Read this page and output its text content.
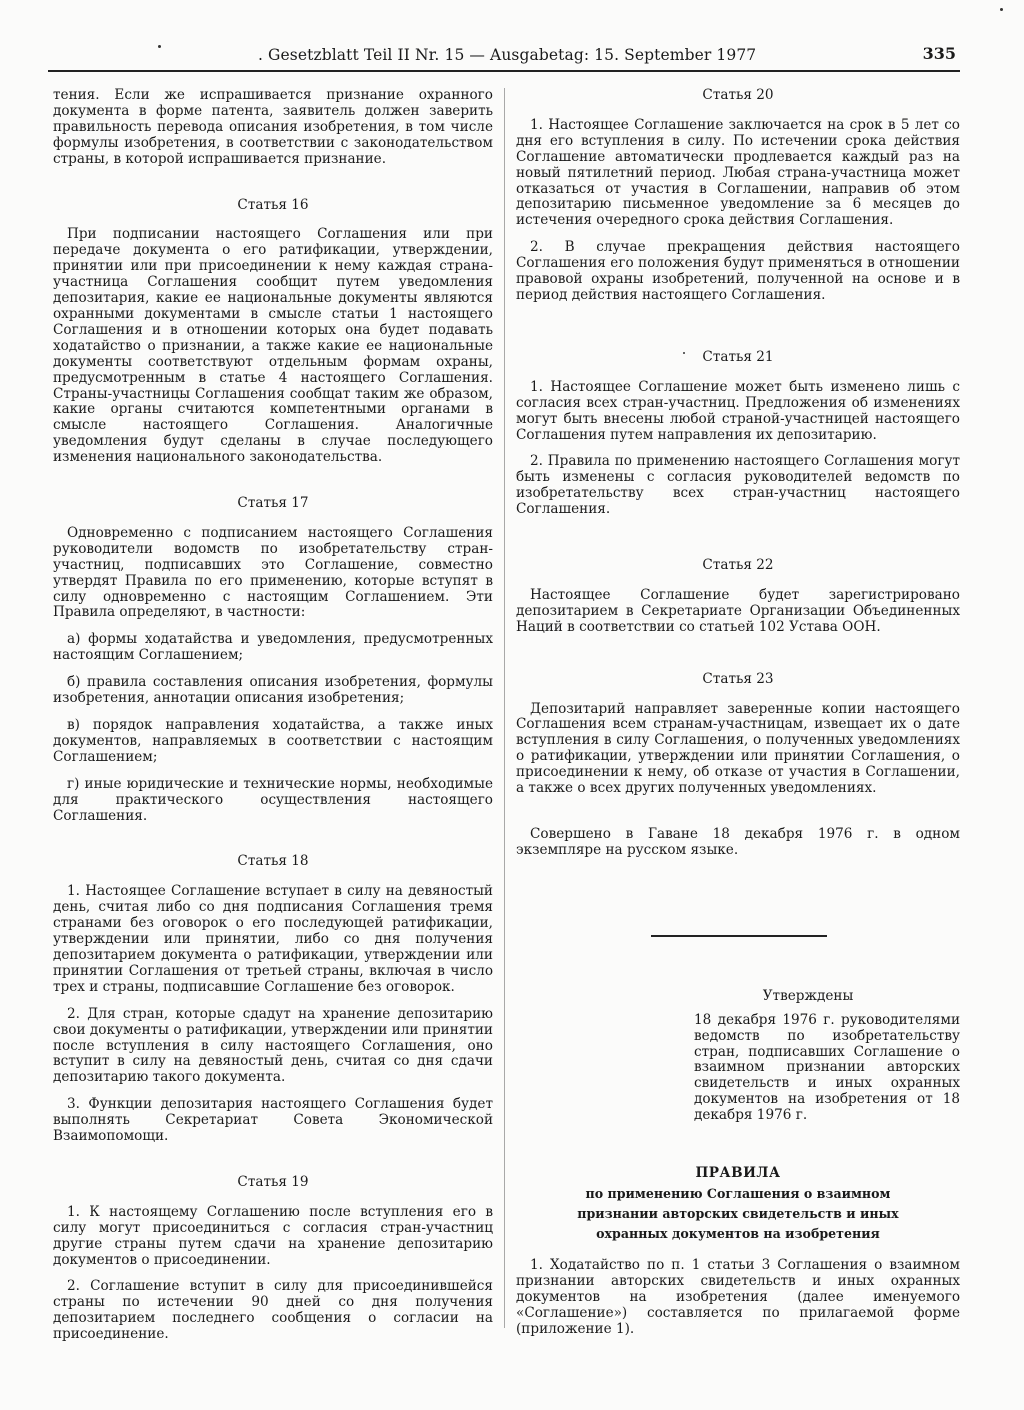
. Gesetzblatt Teil II Nr. 15 — Ausgabetag: 15. September 1977	335

тения. Если же испрашивается признание охранного документа в форме патента, заявитель должен заверить правильность перевода описания изобретения, в том числе формулы изобретения, в соответствии с законодательством страны, в которой испрашивается признание.

Статья 16

При подписании настоящего Соглашения или при передаче документа о его ратификации, утверждении, принятии или при присоединении к нему каждая страна-участница Соглашения сообщит путем уведомления депозитария, какие ее национальные документы являются охранными документами в смысле статьи 1 настоящего Соглашения и в отношении которых она будет подавать ходатайство о признании, а также какие ее национальные документы соответствуют отдельным формам охраны, предусмотренным в статье 4 настоящего Соглашения. Страны-участницы Соглашения сообщат таким же образом, какие органы считаются компетентными органами в смысле настоящего Соглашения. Аналогичные уведомления будут сделаны в случае последующего изменения национального законодательства.

Статья 17

Одновременно с подписанием настоящего Соглашения руководители водомств по изобретательству стран-участниц, подписавших это Соглашение, совместно утвердят Правила по его применению, которые вступят в силу одновременно с настоящим Соглашением. Эти Правила определяют, в частности:

а) формы ходатайства и уведомления, предусмотренных настоящим Соглашением;

б) правила составления описания изобретения, формулы изобретения, аннотации описания изобретения;

в) порядок направления ходатайства, а также иных документов, направляемых в соответствии с настоящим Соглашением;

г) иные юридические и технические нормы, необходимые для практического осуществления настоящего Соглашения.

Статья 18

1. Настоящее Соглашение вступает в силу на девяностый день, считая либо со дня подписания Соглашения тремя странами без оговорок о его последующей ратификации, утверждении или принятии, либо со дня получения депозитарием документа о ратификации, утверждении или принятии Соглашения от третьей страны, включая в число трех и страны, подписавшие Соглашение без оговорок.

2. Для стран, которые сдадут на хранение депозитарию свои документы о ратификации, утверждении или принятии после вступления в силу настоящего Соглашения, оно вступит в силу на девяностый день, считая со дня сдачи депозитарию такого документа.

3. Функции депозитария настоящего Соглашения будет выполнять Секретариат Совета Экономической Взаимопомощи.

Статья 19

1. К настоящему Соглашению после вступления его в силу могут присоединиться с согласия стран-участниц другие страны путем сдачи на хранение депозитарию документов о присоединении.

2. Соглашение вступит в силу для присоединившейся страны по истечении 90 дней со дня получения депозитарием последнего сообщения о согласии на присоединение.

Статья 20

1. Настоящее Соглашение заключается на срок в 5 лет со дня его вступления в силу. По истечении срока действия Соглашение автоматически продлевается каждый раз на новый пятилетний период. Любая страна-участница может отказаться от участия в Соглашении, направив об этом депозитарию письменное уведомление за 6 месяцев до истечения очередного срока действия Соглашения.

2. В случае прекращения действия настоящего Соглашения его положения будут применяться в отношении правовой охраны изобретений, полученной на основе и в период действия настоящего Соглашения.

Статья 21

1. Настоящее Соглашение может быть изменено лишь с согласия всех стран-участниц. Предложения об изменениях могут быть внесены любой страной-участницей настоящего Соглашения путем направления их депозитарию.

2. Правила по применению настоящего Соглашения могут быть изменены с согласия руководителей ведомств по изобретательству всех стран-участниц настоящего Соглашения.

Статья 22

Настоящее Соглашение будет зарегистрировано депозитарием в Секретариате Организации Объединенных Наций в соответствии со статьей 102 Устава ООН.

Статья 23

Депозитарий направляет заверенные копии настоящего Соглашения всем странам-участницам, извещает их о дате вступления в силу Соглашения, о полученных уведомлениях о ратификации, утверждении или принятии Соглашения, о присоединении к нему, об отказе от участия в Соглашении, а также о всех других полученных уведомлениях.

Совершено в Гаване 18 декабря 1976 г. в одном экземпляре на русском языке.

Утверждены
18 декабря 1976 г. руководителями ведомств по изобретательству стран, подписавших Соглашение о взаимном признании авторских свидетельств и иных охранных документов на изобретения от 18 декабря 1976 г.
ПРАВИЛА
по применению Соглашения о взаимном
признании авторских свидетельств и иных
охранных документов на изобретения

1. Ходатайство по п. 1 статьи 3 Соглашения о взаимном признании авторских свидетельств и иных охранных документов на изобретения (далее именуемого «Соглашение») составляется по прилагаемой форме (приложение 1).
